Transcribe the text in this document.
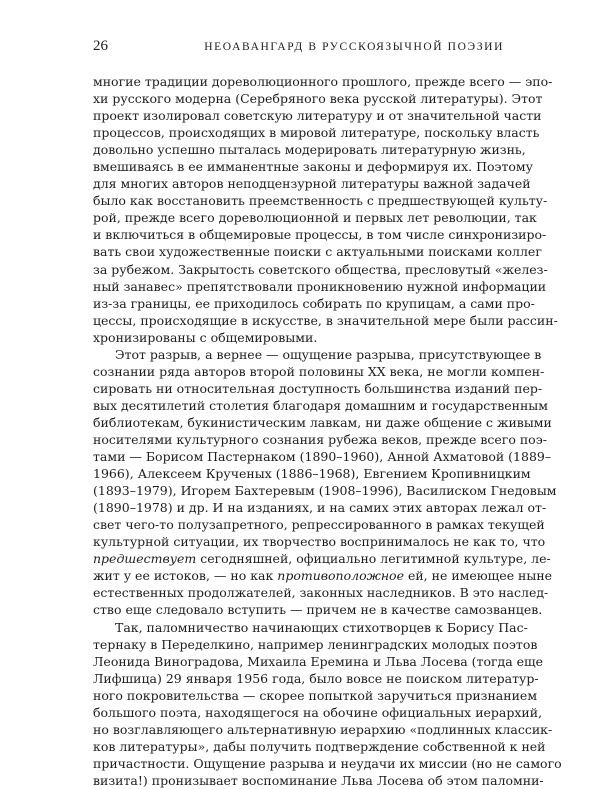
26	НЕОАВАНГАРД В РУССКОЯЗЫЧНОЙ ПОЭЗИИ
многие традиции дореволюционного прошлого, прежде всего — эпо-
хи русского модерна (Серебряного века русской литературы). Этот
проект изолировал советскую литературу и от значительной части
процессов, происходящих в мировой литературе, поскольку власть
довольно успешно пыталась модерировать литературную жизнь,
вмешиваясь в ее имманентные законы и деформируя их. Поэтому
для многих авторов неподцензурной литературы важной задачей
было как восстановить преемственность с предшествующей культу-
рой, прежде всего дореволюционной и первых лет революции, так
и включиться в общемировые процессы, в том числе синхронизиро-
вать свои художественные поиски с актуальными поисками коллег
за рубежом. Закрытость советского общества, пресловутый «желез-
ный занавес» препятствовали проникновению нужной информации
из-за границы, ее приходилось собирать по крупицам, а сами про-
цессы, происходящие в искусстве, в значительной мере были рассин-
хронизированы с общемировыми.
Этот разрыв, а вернее — ощущение разрыва, присутствующее в
сознании ряда авторов второй половины XX века, не могли компен-
сировать ни относительная доступность большинства изданий пер-
вых десятилетий столетия благодаря домашним и государственным
библиотекам, букинистическим лавкам, ни даже общение с живыми
носителями культурного сознания рубежа веков, прежде всего поэ-
тами — Борисом Пастернаком (1890–1960), Анной Ахматовой (1889–
1966), Алексеем Крученых (1886–1968), Евгением Кропивницким
(1893–1979), Игорем Бахтеревым (1908–1996), Василиском Гнедовым
(1890–1978) и др. И на изданиях, и на самих этих авторах лежал от-
свет чего-то полузапретного, репрессированного в рамках текущей
культурной ситуации, их творчество воспринималось не как то, что
предшествует сегодняшней, официально легитимной культуре, ле-
жит у ее истоков, — но как противоположное ей, не имеющее ныне
естественных продолжателей, законных наследников. В это наслед-
ство еще следовало вступить — причем не в качестве самозванцев.
Так, паломничество начинающих стихотворцев к Борису Пас-
тернаку в Переделкино, например ленинградских молодых поэтов
Леонида Виноградова, Михаила Еремина и Льва Лосева (тогда еще
Лифшица) 29 января 1956 года, было вовсе не поиском литератур-
ного покровительства — скорее попыткой заручиться признанием
большого поэта, находящегося на обочине официальных иерархий,
но возглавляющего альтернативную иерархию «подлинных классик-
ков литературы», дабы получить подтверждение собственной к ней
причастности. Ощущение разрыва и неудачи их миссии (но не самого
визита!) пронизывает воспоминание Льва Лосева об этом паломни-
